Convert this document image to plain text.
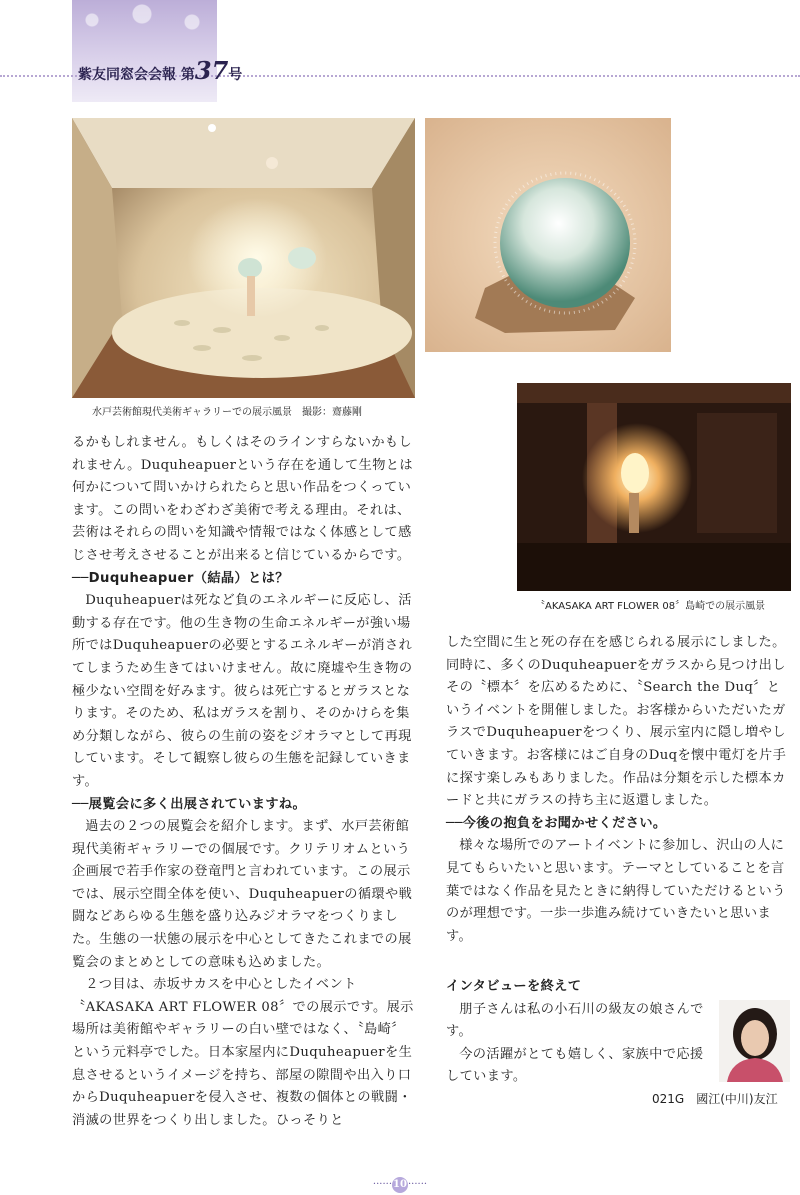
紫友同窓会会報 第37号
水戸芸術館現代美術ギャラリーでの展示風景　撮影：齋藤剛
〝AKASAKA ART FLOWER 08〞島崎での展示風景

るかもしれません。もしくはそのラインすらないかもしれません。Duquheapuerという存在を通して生物とは何かについて問いかけられたらと思い作品をつくっています。この問いをわざわざ美術で考える理由。それは、芸術はそれらの問いを知識や情報ではなく体感として感じさせ考えさせることが出来ると信じているからです。

──Duquheapuer（結晶）とは？

Duquheapuerは死など負のエネルギーに反応し、活動する存在です。他の生き物の生命エネルギーが強い場所ではDuquheapuerの必要とするエネルギーが消されてしまうため生きてはいけません。故に廃墟や生き物の極少ない空間を好みます。彼らは死亡するとガラスとなります。そのため、私はガラスを割り、そのかけらを集め分類しながら、彼らの生前の姿をジオラマとして再現しています。そして観察し彼らの生態を記録していきます。

──展覧会に多く出展されていますね。

過去の２つの展覧会を紹介します。まず、水戸芸術館現代美術ギャラリーでの個展です。クリテリオムという企画展で若手作家の登竜門と言われています。この展示では、展示空間全体を使い、Duquheapuerの循環や戦闘などあらゆる生態を盛り込みジオラマをつくりました。生態の一状態の展示を中心としてきたこれまでの展覧会のまとめとしての意味も込めました。

２つ目は、赤坂サカスを中心としたイベント〝AKASAKA ART FLOWER 08〞での展示です。展示場所は美術館やギャラリーの白い壁ではなく、〝島崎〞という元料亭でした。日本家屋内にDuquheapuerを生息させるというイメージを持ち、部屋の隙間や出入り口からDuquheapuerを侵入させ、複数の個体との戦闘・消滅の世界をつくり出しました。ひっそりと

した空間に生と死の存在を感じられる展示にしました。同時に、多くのDuquheapuerをガラスから見つけ出しその〝標本〞を広めるために、〝Search the Duq〞というイベントを開催しました。お客様からいただいたガラスでDuquheapuerをつくり、展示室内に隠し増やしていきます。お客様にはご自身のDuqを懐中電灯を片手に探す楽しみもありました。作品は分類を示した標本カードと共にガラスの持ち主に返還しました。

──今後の抱負をお聞かせください。

様々な場所でのアートイベントに参加し、沢山の人に見てもらいたいと思います。テーマとしていることを言葉ではなく作品を見たときに納得していただけるというのが理想です。一歩一歩進み続けていきたいと思います。

インタビューを終えて

朋子さんは私の小石川の級友の娘さんです。

今の活躍がとても嬉しく、家族中で応援しています。

021G　國江(中川)友江
······10······
